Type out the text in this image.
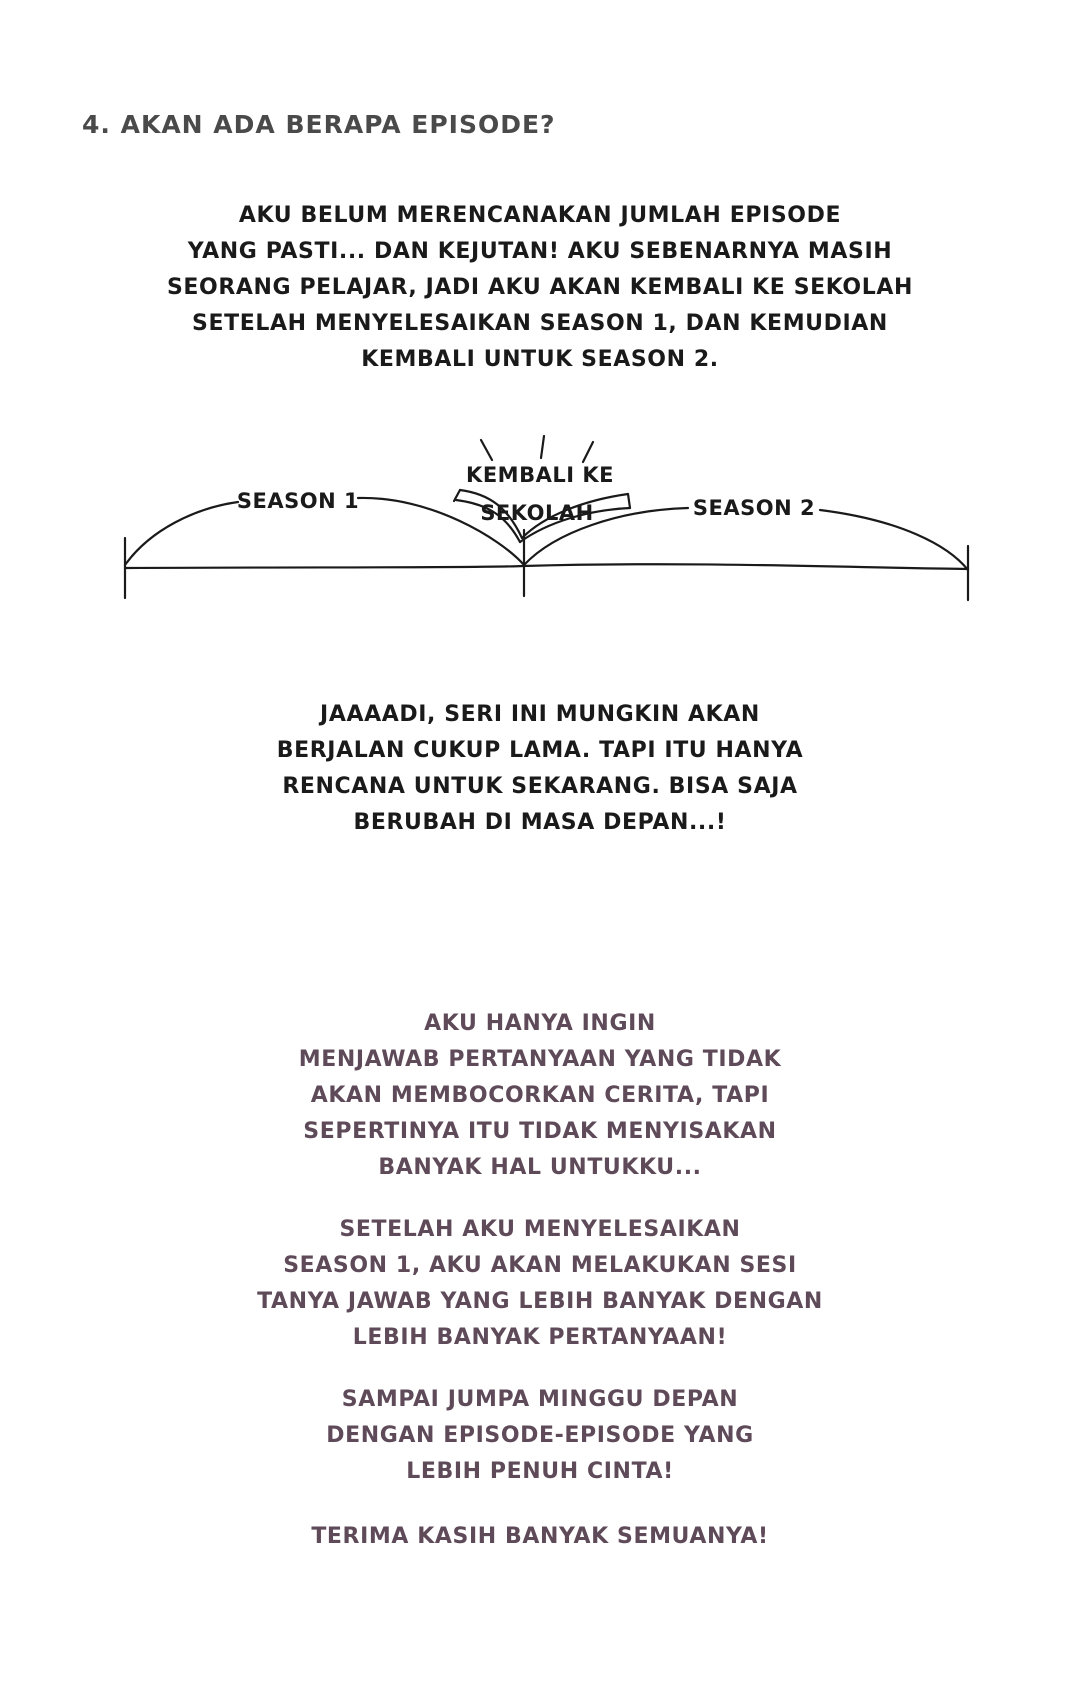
4. AKAN ADA BERAPA EPISODE?
AKU BELUM MERENCANAKAN JUMLAH EPISODE
YANG PASTI... DAN KEJUTAN! AKU SEBENARNYA MASIH
SEORANG PELAJAR, JADI AKU AKAN KEMBALI KE SEKOLAH
SETELAH MENYELESAIKAN SEASON 1, DAN KEMUDIAN
KEMBALI UNTUK SEASON 2.
KEMBALI KE
SEKOLAH
SEASON 1	SEASON 2
JAAAADI, SERI INI MUNGKIN AKAN
BERJALAN CUKUP LAMA. TAPI ITU HANYA
RENCANA UNTUK SEKARANG. BISA SAJA
BERUBAH DI MASA DEPAN...!
AKU HANYA INGIN
MENJAWAB PERTANYAAN YANG TIDAK
AKAN MEMBOCORKAN CERITA, TAPI
SEPERTINYA ITU TIDAK MENYISAKAN
BANYAK HAL UNTUKKU...
SETELAH AKU MENYELESAIKAN
SEASON 1, AKU AKAN MELAKUKAN SESI
TANYA JAWAB YANG LEBIH BANYAK DENGAN
LEBIH BANYAK PERTANYAAN!
SAMPAI JUMPA MINGGU DEPAN
DENGAN EPISODE-EPISODE YANG
LEBIH PENUH CINTA!
TERIMA KASIH BANYAK SEMUANYA!
